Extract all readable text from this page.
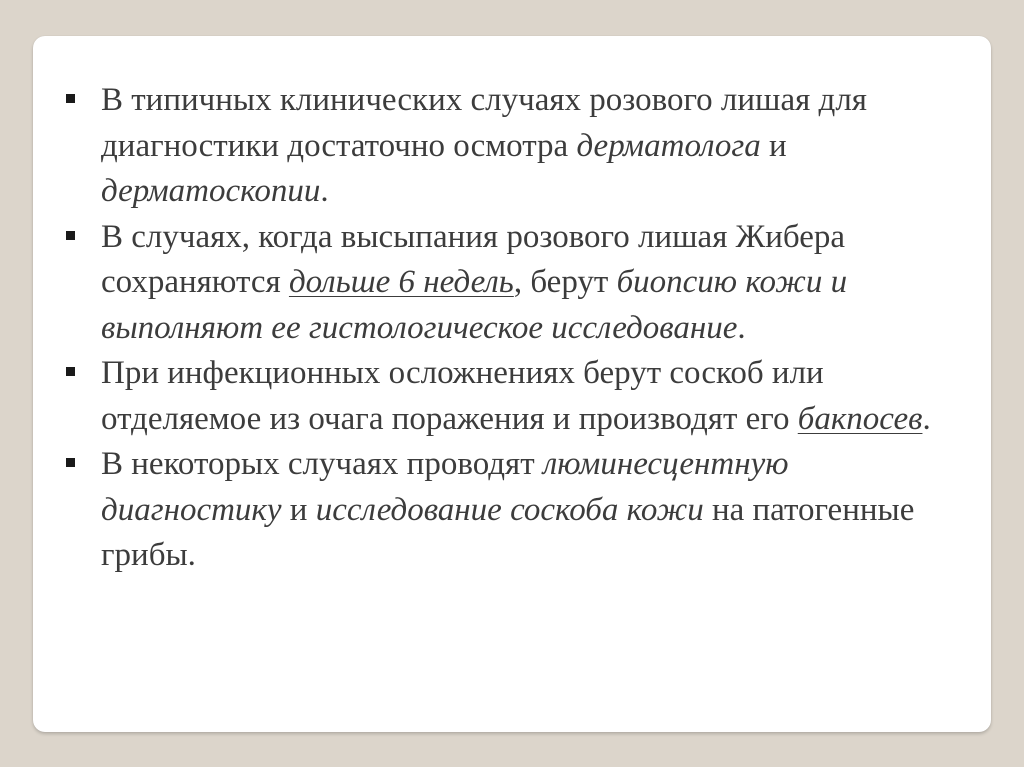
В типичных клинических случаях розового лишая для диагностики достаточно осмотра дерматолога и дерматоскопии.
В случаях, когда высыпания розового лишая Жибера сохраняются дольше 6 недель, берут биопсию кожи и выполняют ее гистологическое исследование.
При инфекционных осложнениях берут соскоб или отделяемое из очага поражения и производят его бакпосев.
В некоторых случаях проводят люминесцентную диагностику и исследование соскоба кожи на патогенные грибы.
